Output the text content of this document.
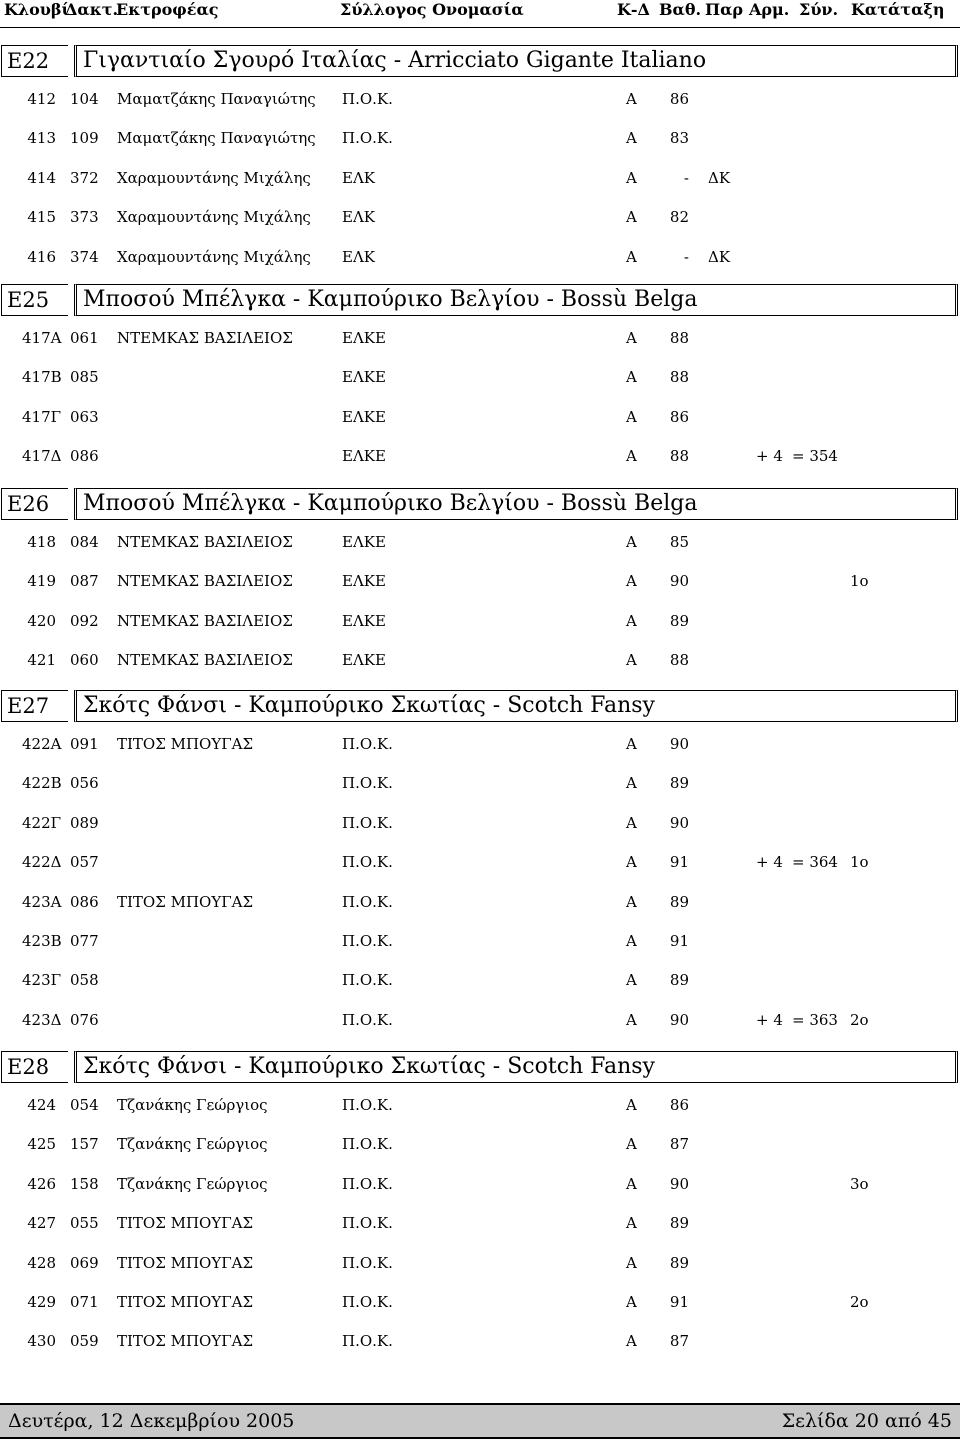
Κλουβί
Δακτ.
Εκτροφέας	Σύλλογος Ονομασία	Κ-Δ Βαθ. Παρ Αρμ. Σύν. Κατάταξη
E22	Γιγαντιαίο Σγουρό Ιταλίας - Arricciato Gigante Italiano
412 104 Μαματζάκης Παναγιώτης Π.Ο.Κ.	Α	86
413 109 Μαματζάκης Παναγιώτης Π.Ο.Κ.	Α	83
414 372 Χαραμουντάνης Μιχάλης ΕΛΚ	Α	- ΔΚ
415 373 Χαραμουντάνης Μιχάλης ΕΛΚ	Α	82
416 374 Χαραμουντάνης Μιχάλης ΕΛΚ	Α	- ΔΚ
E25	Μποσού Μπέλγκα - Καμπούρικο Βελγίου - Bossù Belga
417Α 061 ΝΤΕΜΚΑΣ ΒΑΣΙΛΕΙΟΣ	ΕΛΚΕ	Α	88
417Β 085	ΕΛΚΕ	Α	88
417Γ 063	ΕΛΚΕ	Α	86
417Δ 086	ΕΛΚΕ	Α	88	+ 4 = 354
E26	Μποσού Μπέλγκα - Καμπούρικο Βελγίου - Bossù Belga
418 084 ΝΤΕΜΚΑΣ ΒΑΣΙΛΕΙΟΣ	ΕΛΚΕ	Α	85
419 087 ΝΤΕΜΚΑΣ ΒΑΣΙΛΕΙΟΣ	ΕΛΚΕ	Α	90	1ο
420 092 ΝΤΕΜΚΑΣ ΒΑΣΙΛΕΙΟΣ	ΕΛΚΕ	Α	89
421 060 ΝΤΕΜΚΑΣ ΒΑΣΙΛΕΙΟΣ	ΕΛΚΕ	Α	88
E27	Σκότς Φάνσι - Καμπούρικο Σκωτίας - Scotch Fansy
422Α 091 ΤΙΤΟΣ ΜΠΟΥΓΑΣ	Π.Ο.Κ.	Α	90
422Β 056	Π.Ο.Κ.	Α	89
422Γ 089	Π.Ο.Κ.	Α	90
422Δ 057	Π.Ο.Κ.	Α	91	+ 4 = 364 1ο
423Α 086 ΤΙΤΟΣ ΜΠΟΥΓΑΣ	Π.Ο.Κ.	Α	89
423Β 077	Π.Ο.Κ.	Α	91
423Γ 058	Π.Ο.Κ.	Α	89
423Δ 076	Π.Ο.Κ.	Α	90	+ 4 = 363 2ο
E28	Σκότς Φάνσι - Καμπούρικο Σκωτίας - Scotch Fansy
424 054 Τζανάκης Γεώργιος	Π.Ο.Κ.	Α	86
425 157 Τζανάκης Γεώργιος	Π.Ο.Κ.	Α	87
426 158 Τζανάκης Γεώργιος	Π.Ο.Κ.	Α	90	3ο
427 055 ΤΙΤΟΣ ΜΠΟΥΓΑΣ	Π.Ο.Κ.	Α	89
428 069 ΤΙΤΟΣ ΜΠΟΥΓΑΣ	Π.Ο.Κ.	Α	89
429 071 ΤΙΤΟΣ ΜΠΟΥΓΑΣ	Π.Ο.Κ.	Α	91	2ο
430 059 ΤΙΤΟΣ ΜΠΟΥΓΑΣ	Π.Ο.Κ.	Α	87
Δευτέρα, 12 Δεκεμβρίου 2005	Σελίδα 20 από 45
